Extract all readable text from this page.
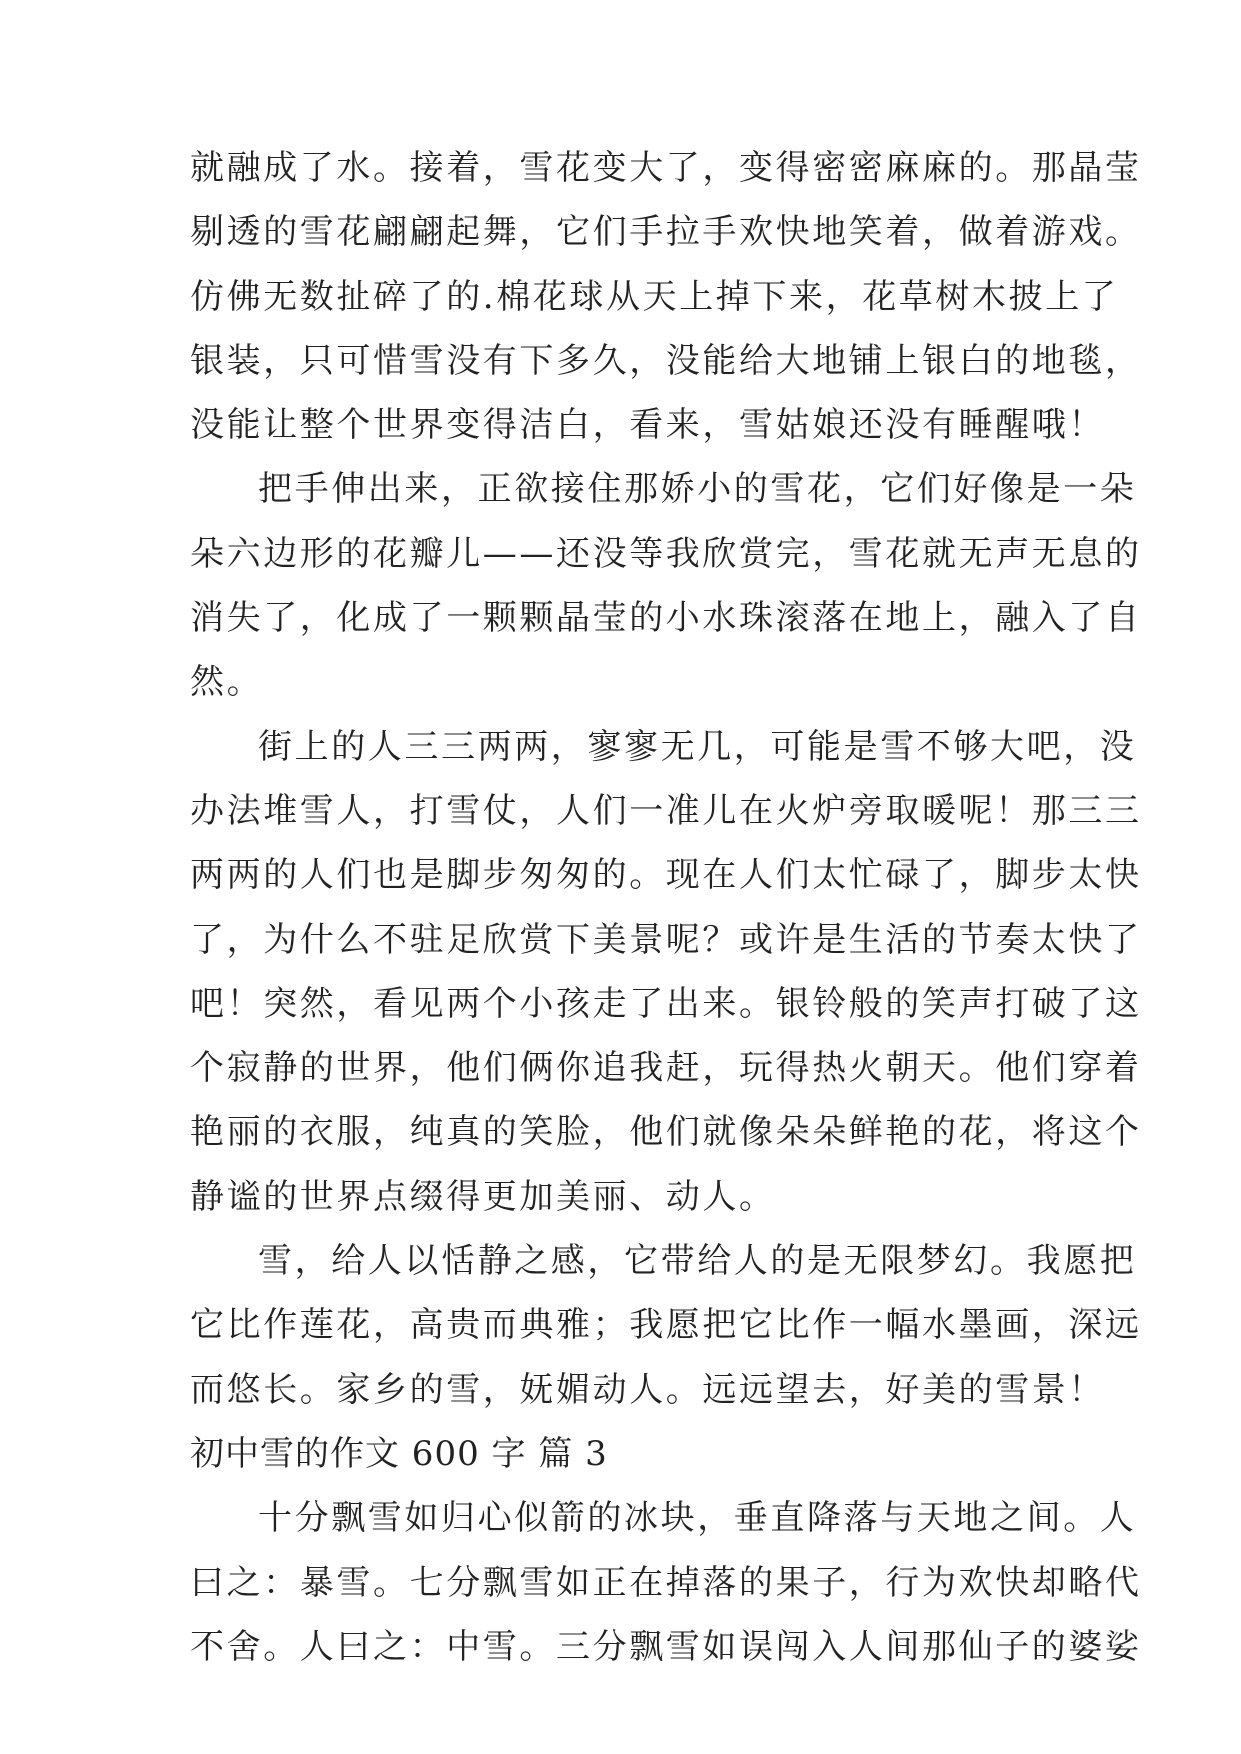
就融成了水。接着，雪花变大了，变得密密麻麻的。那晶莹
剔透的雪花翩翩起舞，它们手拉手欢快地笑着，做着游戏。
仿佛无数扯碎了的.棉花球从天上掉下来，花草树木披上了
银装，只可惜雪没有下多久，没能给大地铺上银白的地毯，
没能让整个世界变得洁白，看来，雪姑娘还没有睡醒哦！
把手伸出来，正欲接住那娇小的雪花，它们好像是一朵
朵六边形的花瓣儿——还没等我欣赏完，雪花就无声无息的
消失了，化成了一颗颗晶莹的小水珠滚落在地上，融入了自
然。
街上的人三三两两，寥寥无几，可能是雪不够大吧，没
办法堆雪人，打雪仗，人们一准儿在火炉旁取暖呢！那三三
两两的人们也是脚步匆匆的。现在人们太忙碌了，脚步太快
了，为什么不驻足欣赏下美景呢？或许是生活的节奏太快了
吧！突然，看见两个小孩走了出来。银铃般的笑声打破了这
个寂静的世界，他们俩你追我赶，玩得热火朝天。他们穿着
艳丽的衣服，纯真的笑脸，他们就像朵朵鲜艳的花，将这个
静谧的世界点缀得更加美丽、动人。
雪，给人以恬静之感，它带给人的是无限梦幻。我愿把
它比作莲花，高贵而典雅；我愿把它比作一幅水墨画，深远
而悠长。家乡的雪，妩媚动人。远远望去，好美的雪景！
初中雪的作文 600 字 篇 3
十分飘雪如归心似箭的冰块，垂直降落与天地之间。人
曰之：暴雪。七分飘雪如正在掉落的果子，行为欢快却略代
不舍。人曰之：中雪。三分飘雪如误闯入人间那仙子的婆娑
